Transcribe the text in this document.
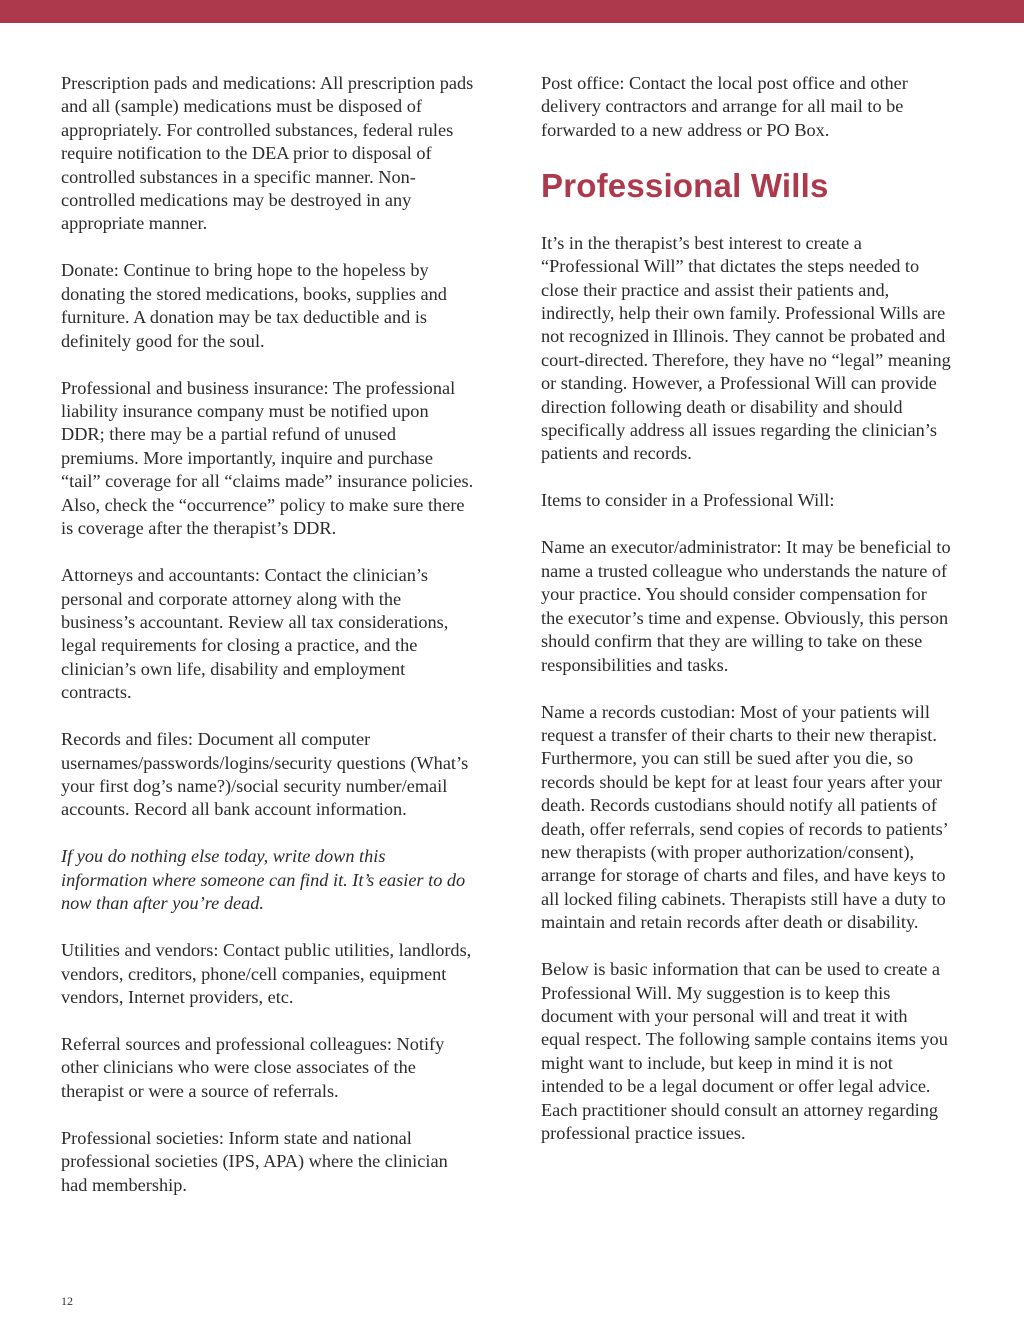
Prescription pads and medications: All prescription pads and all (sample) medications must be disposed of appropriately. For controlled substances, federal rules require notification to the DEA prior to disposal of controlled substances in a specific manner. Non-controlled medications may be destroyed in any appropriate manner.

Donate: Continue to bring hope to the hopeless by donating the stored medications, books, supplies and furniture. A donation may be tax deductible and is definitely good for the soul.

Professional and business insurance: The professional liability insurance company must be notified upon DDR; there may be a partial refund of unused premiums. More importantly, inquire and purchase “tail” coverage for all “claims made” insurance policies. Also, check the “occurrence” policy to make sure there is coverage after the therapist’s DDR.

Attorneys and accountants: Contact the clinician’s personal and corporate attorney along with the business’s accountant. Review all tax considerations, legal requirements for closing a practice, and the clinician’s own life, disability and employment contracts.

Records and files: Document all computer usernames/passwords/logins/security questions (What’s your first dog’s name?)/social security number/email accounts. Record all bank account information.

If you do nothing else today, write down this information where someone can find it. It’s easier to do now than after you’re dead.

Utilities and vendors: Contact public utilities, landlords, vendors, creditors, phone/cell companies, equipment vendors, Internet providers, etc.

Referral sources and professional colleagues: Notify other clinicians who were close associates of the therapist or were a source of referrals.

Professional societies: Inform state and national professional societies (IPS, APA) where the clinician had membership.

Post office: Contact the local post office and other delivery contractors and arrange for all mail to be forwarded to a new address or PO Box.

Professional Wills

It’s in the therapist’s best interest to create a “Professional Will” that dictates the steps needed to close their practice and assist their patients and, indirectly, help their own family. Professional Wills are not recognized in Illinois. They cannot be probated and court-directed. Therefore, they have no “legal” meaning or standing. However, a Professional Will can provide direction following death or disability and should specifically address all issues regarding the clinician’s patients and records.

Items to consider in a Professional Will:

Name an executor/administrator: It may be beneficial to name a trusted colleague who understands the nature of your practice. You should consider compensation for the executor’s time and expense. Obviously, this person should confirm that they are willing to take on these responsibilities and tasks.

Name a records custodian: Most of your patients will request a transfer of their charts to their new therapist. Furthermore, you can still be sued after you die, so records should be kept for at least four years after your death. Records custodians should notify all patients of death, offer referrals, send copies of records to patients’ new therapists (with proper authorization/consent), arrange for storage of charts and files, and have keys to all locked filing cabinets. Therapists still have a duty to maintain and retain records after death or disability.

Below is basic information that can be used to create a Professional Will. My suggestion is to keep this document with your personal will and treat it with equal respect. The following sample contains items you might want to include, but keep in mind it is not intended to be a legal document or offer legal advice. Each practitioner should consult an attorney regarding professional practice issues.

12
